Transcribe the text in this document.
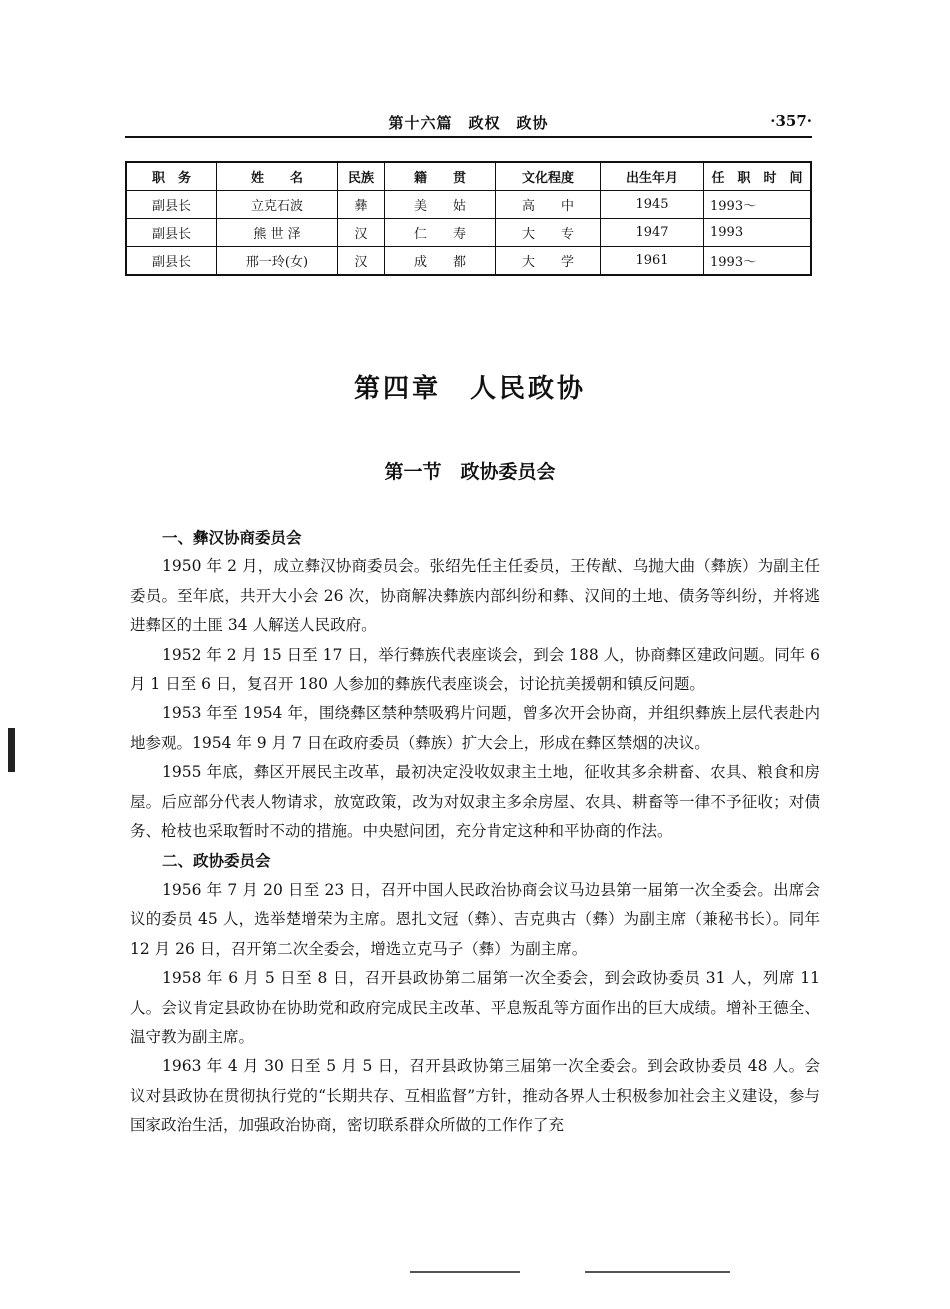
第十六篇　政权　政协	·357·
职　务	姓　　名	民族	籍　　贯	文化程度	出生年月	任　职　时　间
副县长	立克石波	彝	美　　姑	高　　中	1945	1993～
副县长	熊 世 泽	汉	仁　　寿	大　　专	1947	1993
副县长	邢一玲(女)	汉	成　　都	大　　学	1961	1993～
第四章　人民政协
第一节　政协委员会
一、彝汉协商委员会

1950 年 2 月，成立彝汉协商委员会。张绍先任主任委员，王传猷、乌抛大曲（彝族）为副主任委员。至年底，共开大小会 26 次，协商解决彝族内部纠纷和彝、汉间的土地、债务等纠纷，并将逃进彝区的土匪 34 人解送人民政府。

1952 年 2 月 15 日至 17 日，举行彝族代表座谈会，到会 188 人，协商彝区建政问题。同年 6 月 1 日至 6 日，复召开 180 人参加的彝族代表座谈会，讨论抗美援朝和镇反问题。

1953 年至 1954 年，围绕彝区禁种禁吸鸦片问题，曾多次开会协商，并组织彝族上层代表赴内地参观。1954 年 9 月 7 日在政府委员（彝族）扩大会上，形成在彝区禁烟的决议。

1955 年底，彝区开展民主改革，最初决定没收奴隶主土地，征收其多余耕畜、农具、粮食和房屋。后应部分代表人物请求，放宽政策，改为对奴隶主多余房屋、农具、耕畜等一律不予征收；对债务、枪枝也采取暂时不动的措施。中央慰问团，充分肯定这种和平协商的作法。

二、政协委员会

1956 年 7 月 20 日至 23 日，召开中国人民政治协商会议马边县第一届第一次全委会。出席会议的委员 45 人，选举楚增荣为主席。恩扎文冠（彝）、吉克典古（彝）为副主席（兼秘书长）。同年 12 月 26 日，召开第二次全委会，增选立克马子（彝）为副主席。

1958 年 6 月 5 日至 8 日，召开县政协第二届第一次全委会，到会政协委员 31 人，列席 11 人。会议肯定县政协在协助党和政府完成民主改革、平息叛乱等方面作出的巨大成绩。增补王德全、温守教为副主席。

1963 年 4 月 30 日至 5 月 5 日，召开县政协第三届第一次全委会。到会政协委员 48 人。会议对县政协在贯彻执行党的“长期共存、互相监督”方针，推动各界人士积极参加社会主义建设，参与国家政治生活，加强政治协商，密切联系群众所做的工作作了充
